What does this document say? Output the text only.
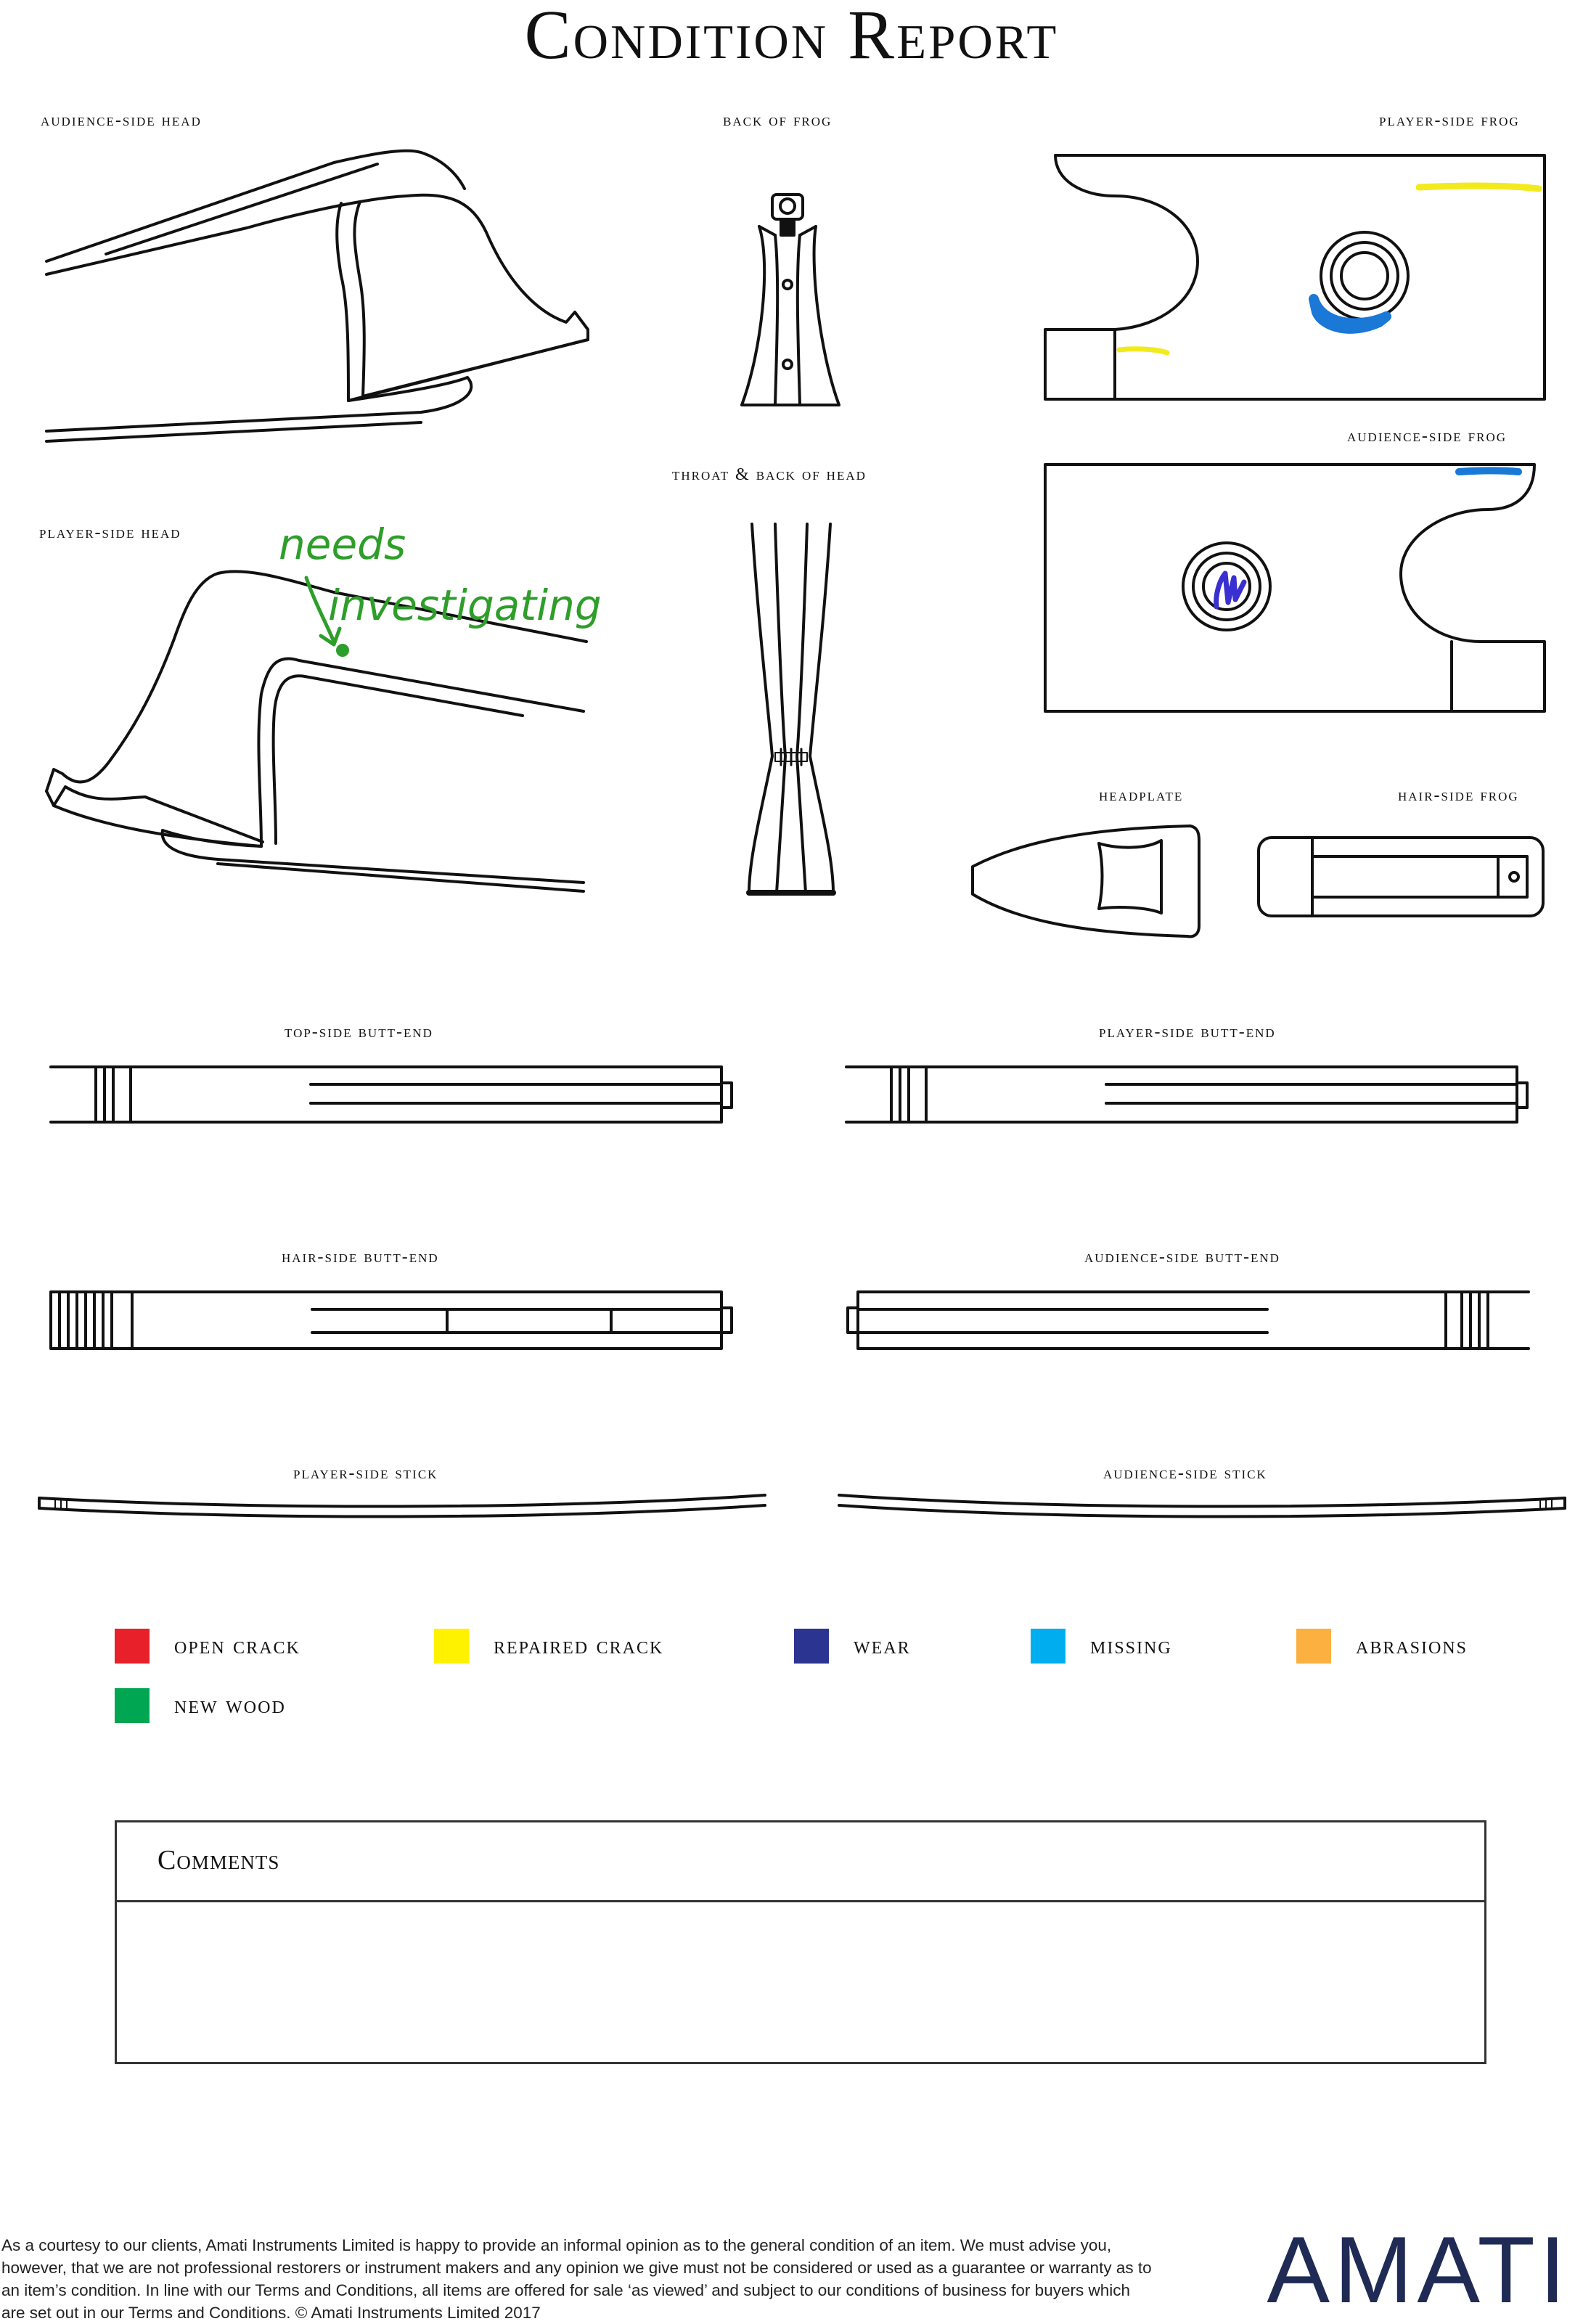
Condition Report
audience-side head	back of frog	player-side frog
audience-side frog
throat & back of head
player-side head
headplate	hair-side frog
top-side butt-end	player-side butt-end
hair-side butt-end	audience-side butt-end
player-side stick	audience-side stick
needs
investigating
open crack	repaired crack	wear	missing	abrasions
new wood
Comments
As a courtesy to our clients, Amati Instruments Limited is happy to provide an informal opinion as to the general condition of an item. We must advise you, however, that we are not professional restorers or instrument makers and any opinion we give must not be considered or used as a guarantee or warranty as to an item’s condition. In line with our Terms and Conditions, all items are offered for sale ‘as viewed’ and subject to our conditions of business for buyers which are set out in our Terms and Conditions. © Amati Instruments Limited 2017	AMATI
